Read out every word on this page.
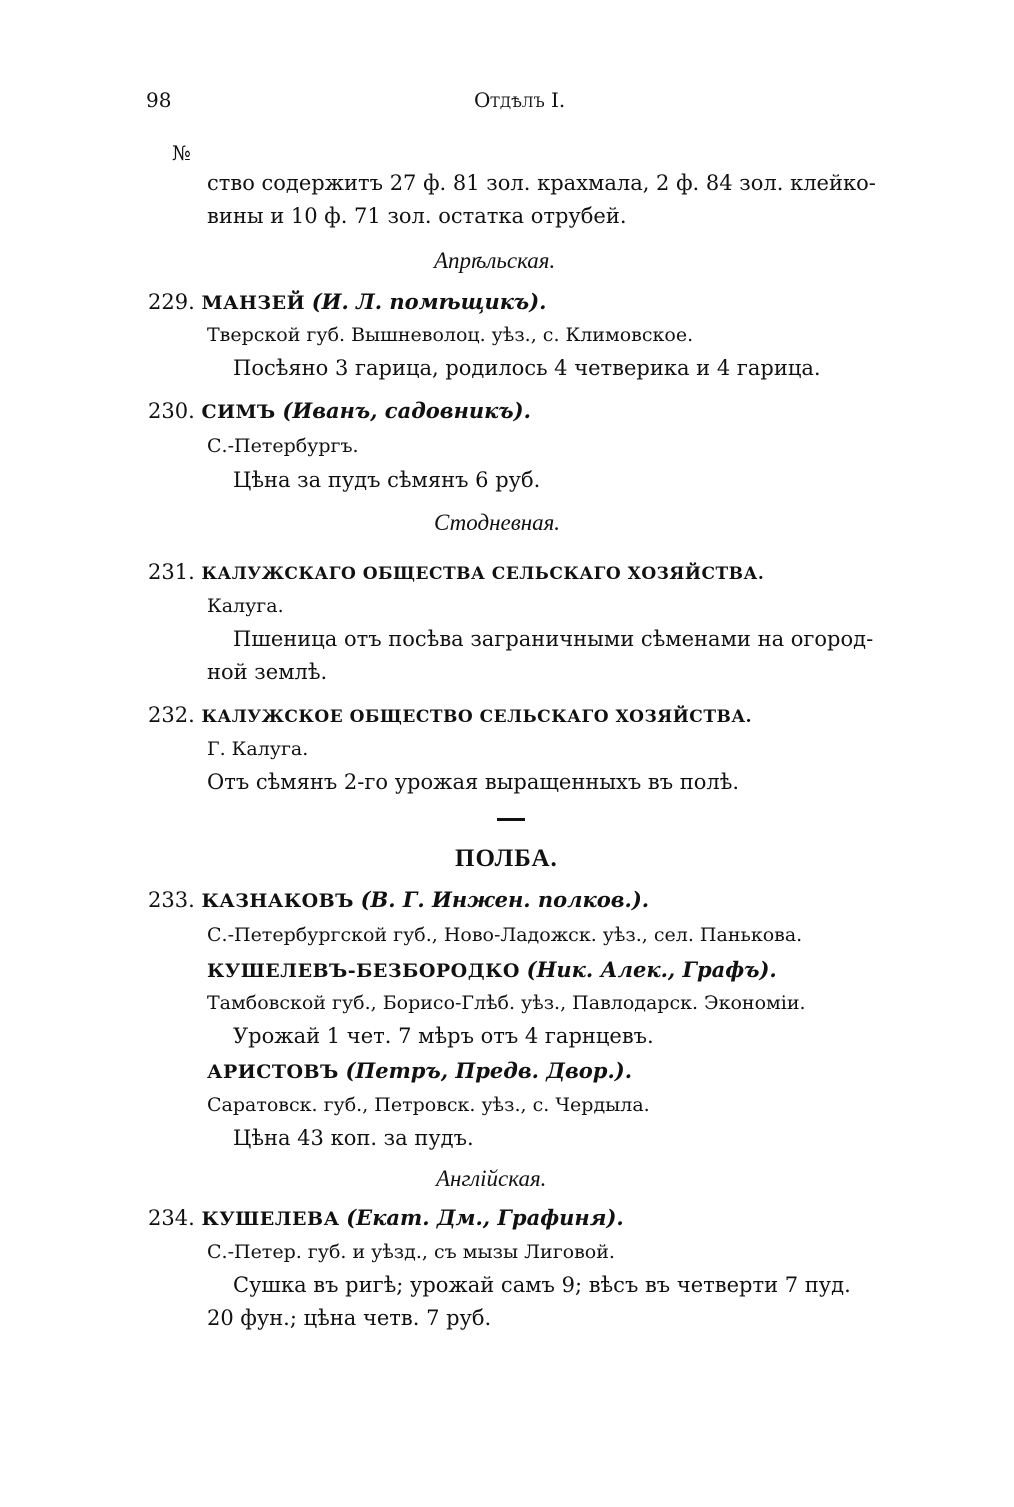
98	Отдѣлъ I.
№
ство содержитъ 27 ф. 81 зол. крахмала, 2 ф. 84 зол. клейко-
вины и 10 ф. 71 зол. остатка отрубей.
Апрѣльская.
229. МАНЗЕЙ (И. Л. помѣщикъ).
Тверской губ. Вышневолоц. уѣз., с. Климовское.
Посѣяно 3 гарица, родилось 4 четверика и 4 гарица.
230. СИМЪ (Иванъ, садовникъ).
С.-Петербургъ.
Цѣна за пудъ сѣмянъ 6 руб.
Стодневная.
231. КАЛУЖСКАГО ОБЩЕСТВА СЕЛЬСКАГО ХОЗЯЙСТВА.
Калуга.
Пшеница отъ посѣва заграничными сѣменами на огород-
ной землѣ.
232. КАЛУЖСКОЕ ОБЩЕСТВО СЕЛЬСКАГО ХОЗЯЙСТВА.
Г. Калуга.
Отъ сѣмянъ 2-го урожая выращенныхъ въ полѣ.
ПОЛБА.
233. КАЗНАКОВЪ (В. Г. Инжен. полков.).
С.-Петербургской губ., Ново-Ладожск. уѣз., сел. Панькова.
КУШЕЛЕВЪ-БЕЗБОРОДКО (Ник. Алек., Графъ).
Тамбовской губ., Борисо-Глѣб. уѣз., Павлодарск. Экономіи.
Урожай 1 чет. 7 мѣръ отъ 4 гарнцевъ.
АРИСТОВЪ (Петръ, Предв. Двор.).
Саратовск. губ., Петровск. уѣз., с. Чердыла.
Цѣна 43 коп. за пудъ.
Англійская.
234. КУШЕЛЕВА (Екат. Дм., Графиня).
С.-Петер. губ. и уѣзд., съ мызы Лиговой.
Сушка въ ригѣ; урожай самъ 9; вѣсъ въ четверти 7 пуд.
20 фун.; цѣна четв. 7 руб.
